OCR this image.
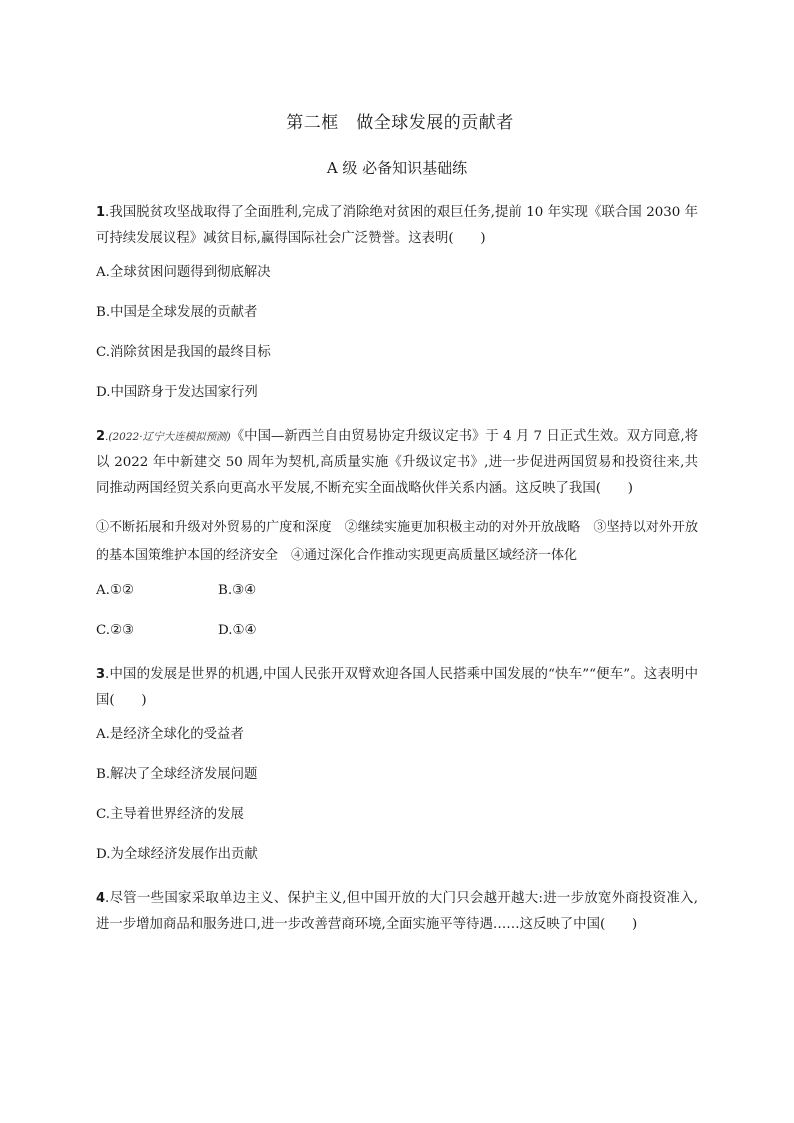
第二框　做全球发展的贡献者
A 级 必备知识基础练
1.我国脱贫攻坚战取得了全面胜利,完成了消除绝对贫困的艰巨任务,提前 10 年实现《联合国 2030 年可持续发展议程》减贫目标,赢得国际社会广泛赞誉。这表明(　　)
A.全球贫困问题得到彻底解决
B.中国是全球发展的贡献者
C.消除贫困是我国的最终目标
D.中国跻身于发达国家行列
2.(2022·辽宁大连模拟预测)《中国—新西兰自由贸易协定升级议定书》于 4 月 7 日正式生效。双方同意,将以 2022 年中新建交 50 周年为契机,高质量实施《升级议定书》,进一步促进两国贸易和投资往来,共同推动两国经贸关系向更高水平发展,不断充实全面战略伙伴关系内涵。这反映了我国(　　)
①不断拓展和升级对外贸易的广度和深度　②继续实施更加积极主动的对外开放战略　③坚持以对外开放的基本国策维护本国的经济安全　④通过深化合作推动实现更高质量区域经济一体化
A.①②	B.③④
C.②③	D.①④
3.中国的发展是世界的机遇,中国人民张开双臂欢迎各国人民搭乘中国发展的“快车”“便车”。这表明中国(　　)
A.是经济全球化的受益者
B.解决了全球经济发展问题
C.主导着世界经济的发展
D.为全球经济发展作出贡献
4.尽管一些国家采取单边主义、保护主义,但中国开放的大门只会越开越大:进一步放宽外商投资准入,进一步增加商品和服务进口,进一步改善营商环境,全面实施平等待遇……这反映了中国(　　)
